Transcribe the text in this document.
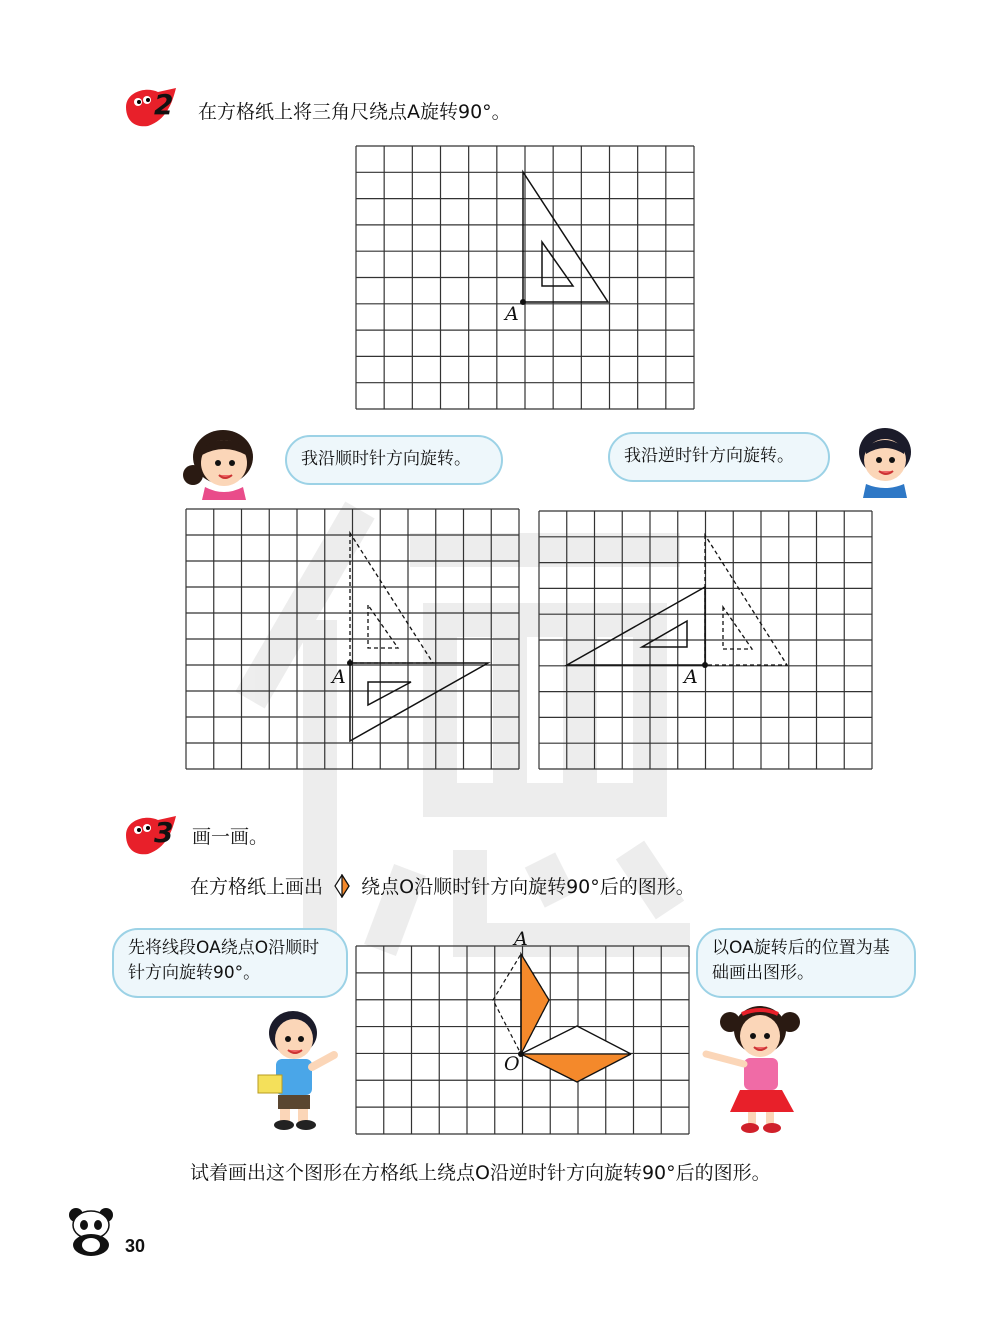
2 在方格纸上将三角尺绕点A旋转90°。
A
我沿顺时针方向旋转。	我沿逆时针方向旋转。
A	A
3 画一画。
在方格纸上画出 绕点O沿顺时针方向旋转90°后的图形。
先将线段OA绕点O沿顺时针方向旋转90°。
A
O
以OA旋转后的位置为基础画出图形。
试着画出这个图形在方格纸上绕点O沿逆时针方向旋转90°后的图形。
30
